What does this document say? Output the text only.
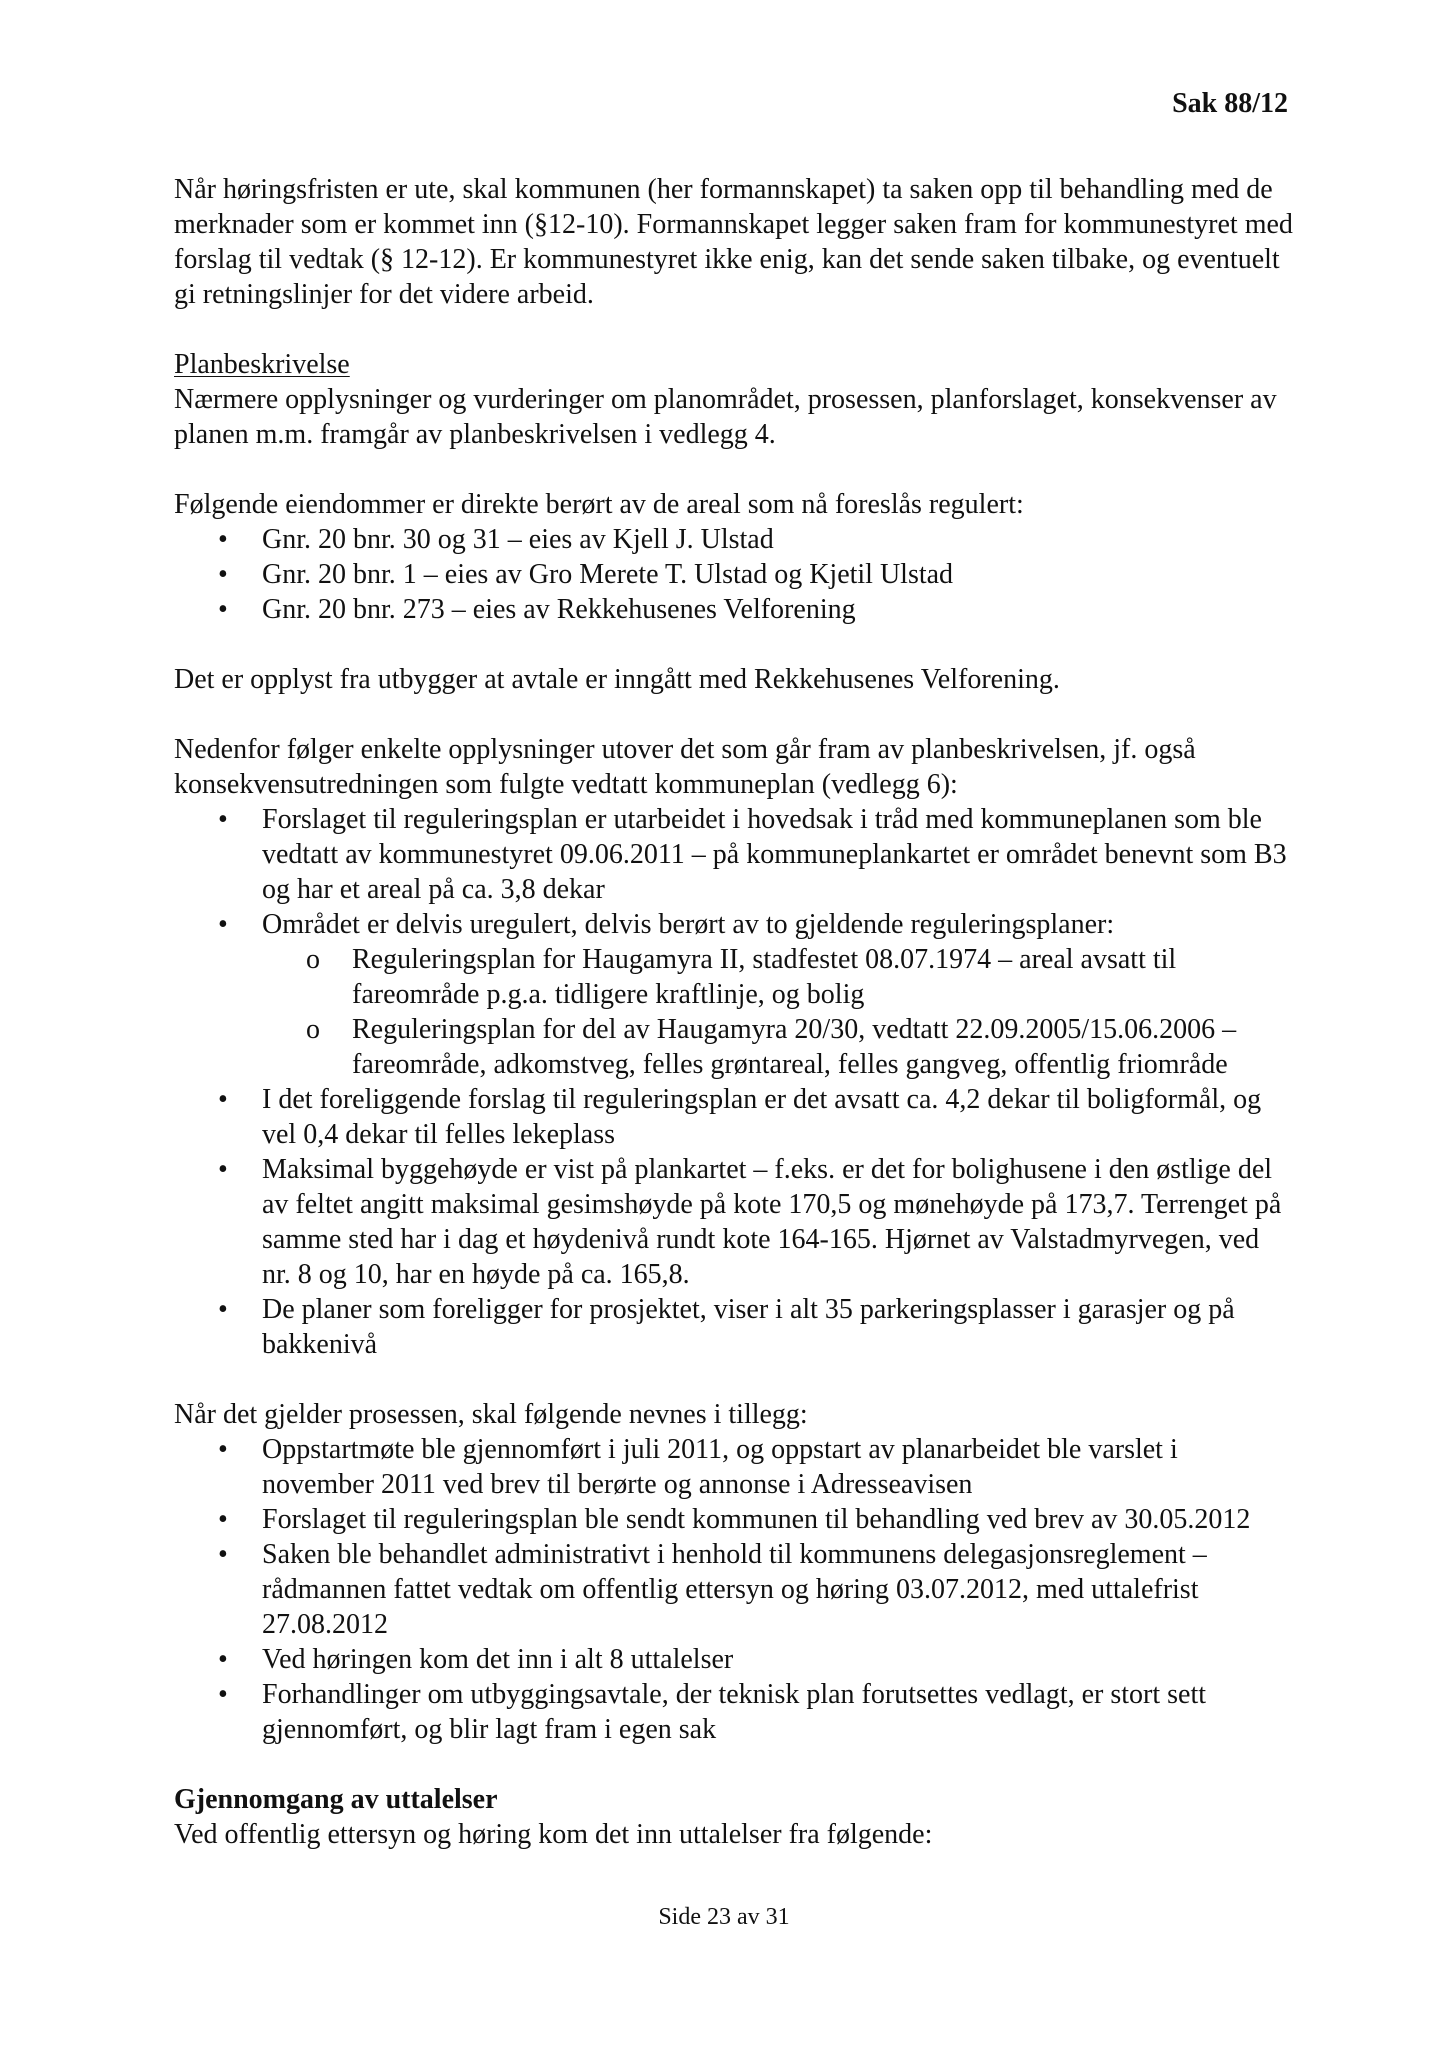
Sak 88/12

Når høringsfristen er ute, skal kommunen (her formannskapet) ta saken opp til behandling med de merknader som er kommet inn (§12-10). Formannskapet legger saken fram for kommunestyret med forslag til vedtak (§ 12-12). Er kommunestyret ikke enig, kan det sende saken tilbake, og eventuelt gi retningslinjer for det videre arbeid.

Planbeskrivelse

Nærmere opplysninger og vurderinger om planområdet, prosessen, planforslaget, konsekvenser av planen m.m. framgår av planbeskrivelsen i vedlegg 4.

Følgende eiendommer er direkte berørt av de areal som nå foreslås regulert:

• Gnr. 20 bnr. 30 og 31 – eies av Kjell J. Ulstad
• Gnr. 20 bnr. 1 – eies av Gro Merete T. Ulstad og Kjetil Ulstad
• Gnr. 20 bnr. 273 – eies av Rekkehusenes Velforening

Det er opplyst fra utbygger at avtale er inngått med Rekkehusenes Velforening.

Nedenfor følger enkelte opplysninger utover det som går fram av planbeskrivelsen, jf. også konsekvensutredningen som fulgte vedtatt kommuneplan (vedlegg 6):

• Forslaget til reguleringsplan er utarbeidet i hovedsak i tråd med kommuneplanen som ble vedtatt av kommunestyret 09.06.2011 – på kommuneplankartet er området benevnt som B3 og har et areal på ca. 3,8 dekar
• Området er delvis uregulert, delvis berørt av to gjeldende reguleringsplaner:
o Reguleringsplan for Haugamyra II, stadfestet 08.07.1974 – areal avsatt til fareområde p.g.a. tidligere kraftlinje, og bolig
o Reguleringsplan for del av Haugamyra 20/30, vedtatt 22.09.2005/15.06.2006 – fareområde, adkomstveg, felles grøntareal, felles gangveg, offentlig friområde
• I det foreliggende forslag til reguleringsplan er det avsatt ca. 4,2 dekar til boligformål, og vel 0,4 dekar til felles lekeplass
• Maksimal byggehøyde er vist på plankartet – f.eks. er det for bolighusene i den østlige del av feltet angitt maksimal gesimshøyde på kote 170,5 og mønehøyde på 173,7. Terrenget på samme sted har i dag et høydenivå rundt kote 164-165. Hjørnet av Valstadmyrvegen, ved nr. 8 og 10, har en høyde på ca. 165,8.
• De planer som foreligger for prosjektet, viser i alt 35 parkeringsplasser i garasjer og på bakkenivå

Når det gjelder prosessen, skal følgende nevnes i tillegg:

• Oppstartmøte ble gjennomført i juli 2011, og oppstart av planarbeidet ble varslet i november 2011 ved brev til berørte og annonse i Adresseavisen
• Forslaget til reguleringsplan ble sendt kommunen til behandling ved brev av 30.05.2012
• Saken ble behandlet administrativt i henhold til kommunens delegasjonsreglement – rådmannen fattet vedtak om offentlig ettersyn og høring 03.07.2012, med uttalefrist 27.08.2012
• Ved høringen kom det inn i alt 8 uttalelser
• Forhandlinger om utbyggingsavtale, der teknisk plan forutsettes vedlagt, er stort sett gjennomført, og blir lagt fram i egen sak

Gjennomgang av uttalelser

Ved offentlig ettersyn og høring kom det inn uttalelser fra følgende:

Side 23 av 31
